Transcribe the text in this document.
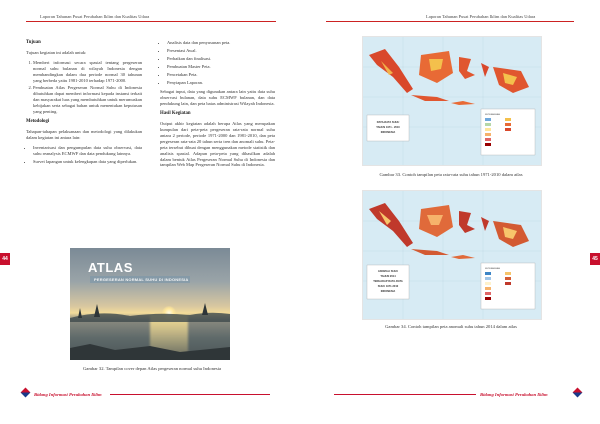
Laporan Tahunan Pusat Perubahan Iklim dan Kualitas Udara
Tujuan

Tujuan kegiatan ini adalah untuk:

1. Memberi informasi secara spasial tentang pergeseran normal suhu bulanan di wilayah Indonesia dengan membandingkan dalam dua periode normal 30 tahunan yang berbeda yaitu 1981-2010 terhadap 1971-2000.
2. Pembuatan Atlas Pergeseran Normal Suhu di Indonesia dibutuhkan dapat memberi informasi kepada instansi terkait dan masyarakat luas yang membutuhkan untuk merumuskan kebijakan serta sebagai bahan untuk menentukan keputusan yang penting.
Metodologi

Tahapan-tahapan pelaksanaan dan metodologi yang dilakukan dalam kegiatan ini antara lain:

• Inventarisasi dan pengumpulan data suhu observasi, data suhu reanalysis ECMWF dan data pendukung lainnya.
• Survei lapangan untuk kelengkapan data yang diperlukan.
• Analisis data dan penyusunan peta.
• Presentasi Awal.
• Perbaikan dan finalisasi.
• Pembuatan Master Peta.
• Pencetakan Peta.
• Penyiapan Laporan.

Sebagai input, data yang digunakan antara lain yaitu data suhu observasi bulanan, data suhu ECMWF bulanan, dan data pendukung lain, dan peta batas administrasi Wilayah Indonesia.

Hasil Kegiatan

Output akhir kegiatan adalah berupa Atlas yang merupakan kumpulan dari peta-peta pergeseran rata-rata normal suhu antara 2 periode, periode 1971-2000 dan 1981-2010, dan peta pergeseran rata-rata 20 tahun serta tren dan anomali suhu. Peta-peta tersebut dibuat dengan menggunakan metode statistik dan analisis spasial. Adapun peta-peta yang dihasilkan adalah dalam bentuk Atlas Pergeseran Normal Suhu di Indonesia dan tampilan Web Map Pergeseran Normal Suhu di Indonesia.

44
ATLAS
PERGESERAN NORMAL SUHU DI INDONESIA
Gambar 32. Tampilan cover depan Atlas pergeseran normal suhu Indonesia
Bidang Informasi Perubahan Iklim
Laporan Tahunan Pusat Perubahan Iklim dan Kualitas Udara
45
Bidang Informasi Perubahan Iklim
RATA-RATA SUHU
TAHUN 1971 - 2010
INDONESIA
KETERANGAN
Gambar 33. Contoh tampilan peta rata-rata suhu tahun 1971-2010 dalam atlas
ANOMALI SUHU
TAHUN 2014
TERHADAP RATA-RATA
SUHU 1971-2010
INDONESIA
KETERANGAN
Gambar 34. Contoh tampilan peta anomali suhu tahun 2014 dalam atlas
